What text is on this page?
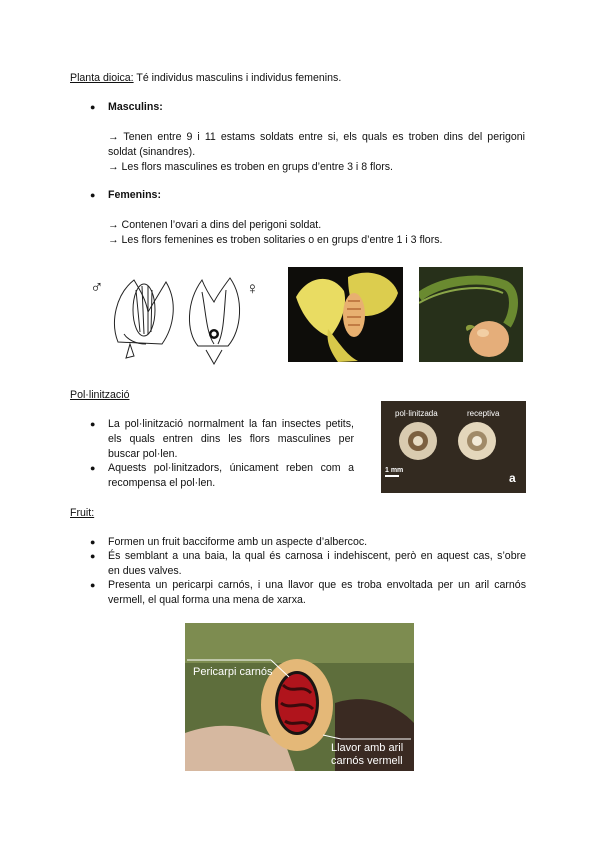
Planta dioica: Té individus masculins i individus femenins.
●	Masculins:
→ Tenen entre 9 i 11 estams soldats entre si, els quals es troben dins del perigoni
soldat (sinandres).
→ Les flors masculines es troben en grups d’entre 3 i 8 flors.
●	Femenins:
→ Contenen l’ovari a dins del perigoni soldat.
→ Les flors femenines es troben solitaries o en grups d’entre 1 i 3 flors.
♂	♀
Pol·linització
●	La pol·linització normalment la fan insectes petits,
els quals entren dins les flors masculines per
buscar pol·len.
●	Aquests pol·linitzadors, únicament reben com a
recompensa el pol·len.
pol·linitzada	receptiva
1 mm
a
Fruit:
●	Formen un fruit bacciforme amb un aspecte d’albercoc.
●	És semblant a una baia, la qual és carnosa i indehiscent, però en aquest cas, s’obre
en dues valves.
●	Presenta un pericarpi carnós, i una llavor que es troba envoltada per un aril carnós
vermell, el qual forma una mena de xarxa.
Pericarpi carnós
Llavor amb aril
carnós vermell
